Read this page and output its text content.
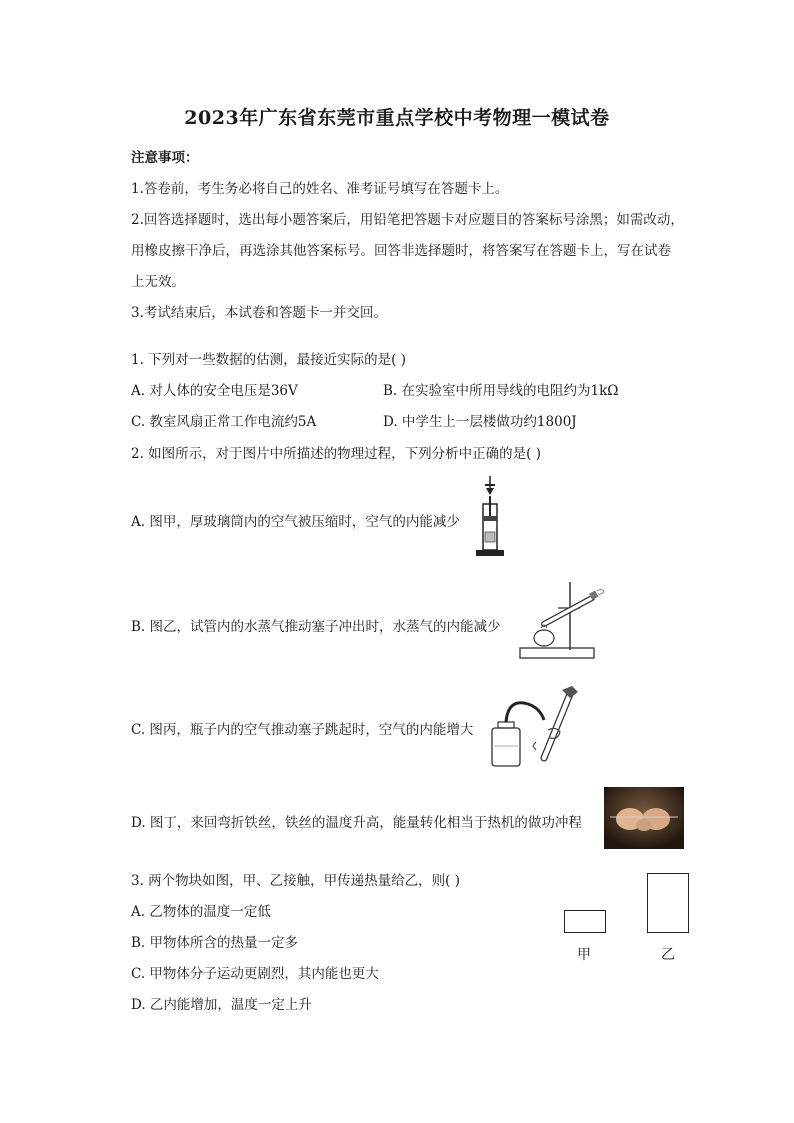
2023年广东省东莞市重点学校中考物理一模试卷
注意事项：
1.答卷前，考生务必将自己的姓名、准考证号填写在答题卡上。
2.回答选择题时，选出每小题答案后，用铅笔把答题卡对应题目的答案标号涂黑；如需改动，
用橡皮擦干净后，再选涂其他答案标号。回答非选择题时，将答案写在答题卡上，写在试卷
上无效。
3.考试结束后，本试卷和答题卡一并交回。
1. 下列对一些数据的估测，最接近实际的是( )
A. 对人体的安全电压是36V	B. 在实验室中所用导线的电阻约为1kΩ
C. 教室风扇正常工作电流约5A	D. 中学生上一层楼做功约1800J
2. 如图所示，对于图片中所描述的物理过程，下列分析中正确的是( )
A. 图甲，厚玻璃筒内的空气被压缩时，空气的内能减少
B. 图乙，试管内的水蒸气推动塞子冲出时，水蒸气的内能减少
C. 图丙，瓶子内的空气推动塞子跳起时，空气的内能增大
D. 图丁，来回弯折铁丝，铁丝的温度升高，能量转化相当于热机的做功冲程
3. 两个物块如图，甲、乙接触，甲传递热量给乙，则( )
A. 乙物体的温度一定低
B. 甲物体所含的热量一定多
C. 甲物体分子运动更剧烈，其内能也更大
D. 乙内能增加，温度一定上升
甲	乙
